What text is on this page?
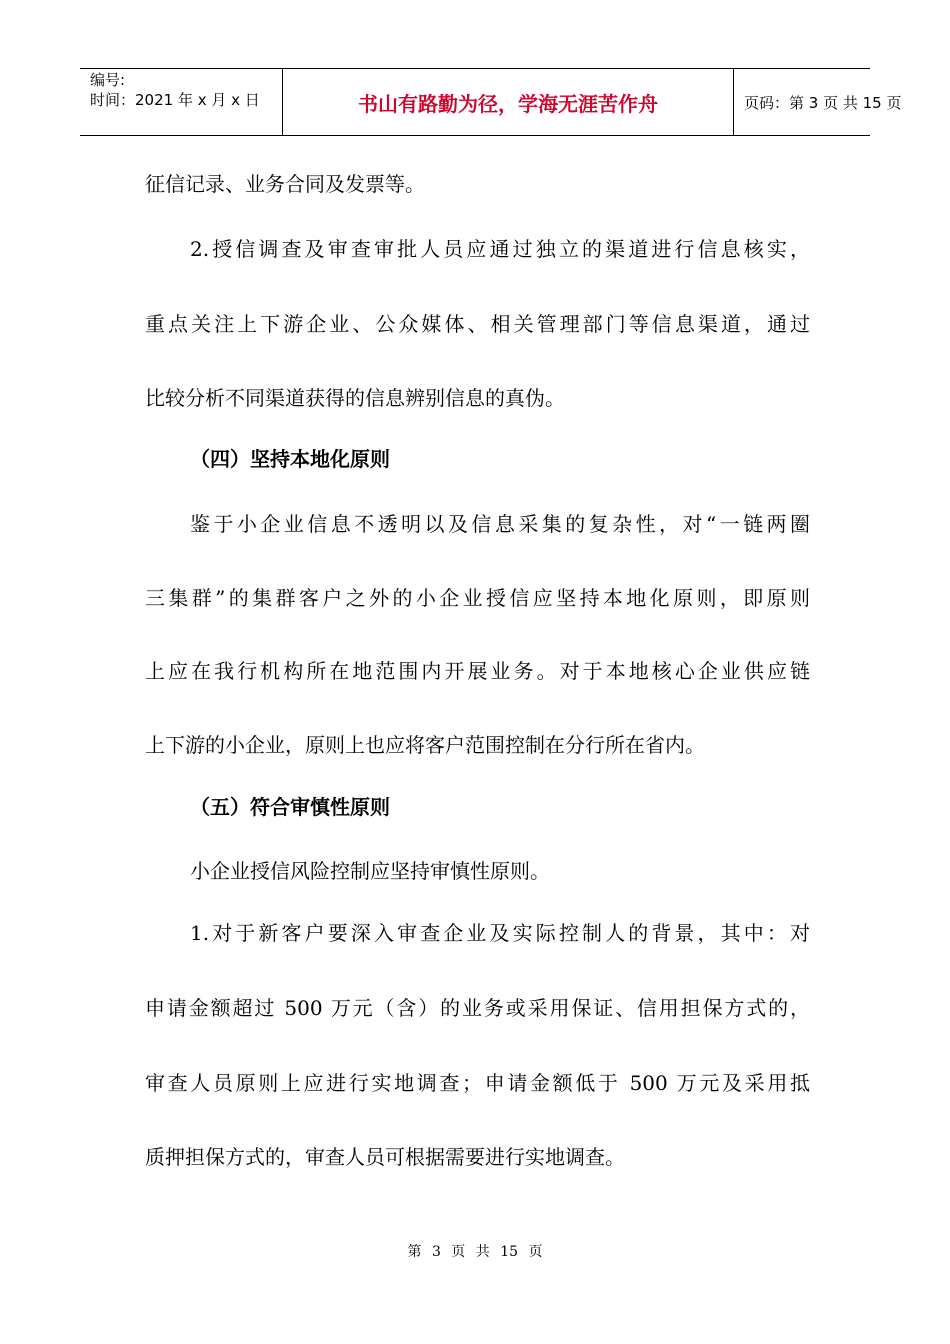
编号:
时间：2021 年 x 月 x 日	书山有路勤为径，学海无涯苦作舟	页码：第 3 页 共 15 页
征信记录、业务合同及发票等。
2.授信调查及审查审批人员应通过独立的渠道进行信息核实，
重点关注上下游企业、公众媒体、相关管理部门等信息渠道，通过
比较分析不同渠道获得的信息辨别信息的真伪。
（四）坚持本地化原则
鉴于小企业信息不透明以及信息采集的复杂性，对“一链两圈
三集群”的集群客户之外的小企业授信应坚持本地化原则，即原则
上应在我行机构所在地范围内开展业务。对于本地核心企业供应链
上下游的小企业，原则上也应将客户范围控制在分行所在省内。
（五）符合审慎性原则
小企业授信风险控制应坚持审慎性原则。
1.对于新客户要深入审查企业及实际控制人的背景，其中：对
申请金额超过 500 万元（含）的业务或采用保证、信用担保方式的，
审查人员原则上应进行实地调查；申请金额低于 500 万元及采用抵
质押担保方式的，审查人员可根据需要进行实地调查。
第 3 页 共 15 页
